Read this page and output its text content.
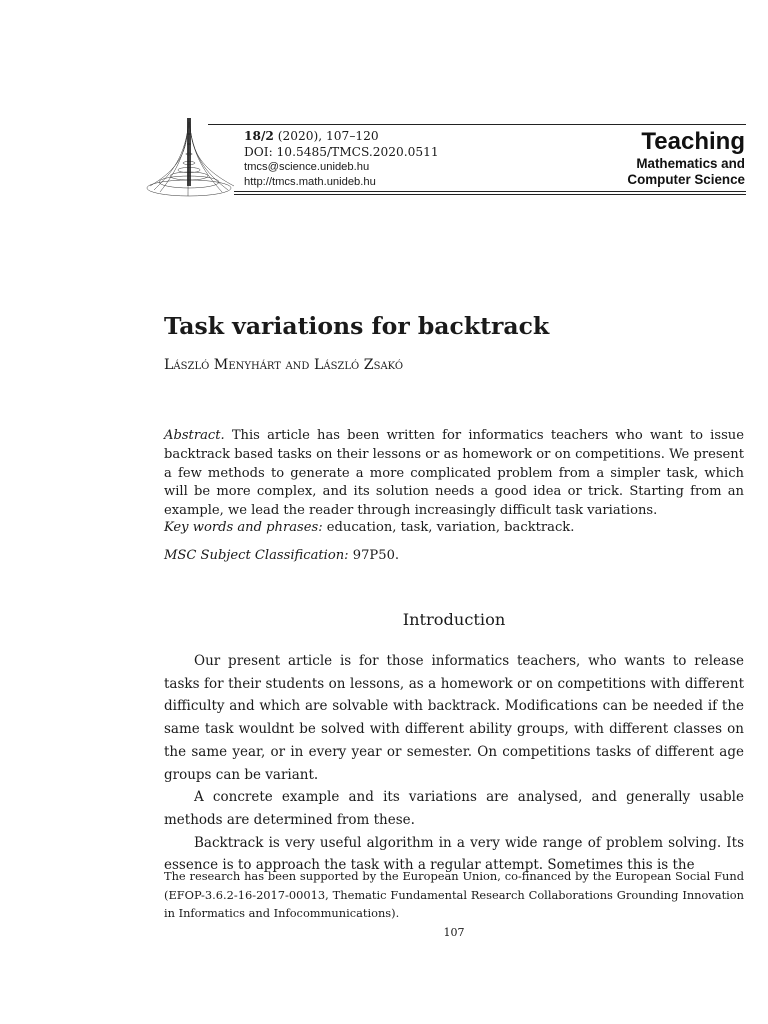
18/2 (2020), 107–120
DOI: 10.5485/TMCS.2020.0511
tmcs@science.unideb.hu
http://tmcs.math.unideb.hu
Teaching
Mathematics and
Computer Science
Task variations for backtrack
László Menyhárt and László Zsakó

Abstract. This article has been written for informatics teachers who want to issue backtrack based tasks on their lessons or as homework or on competitions. We present a few methods to generate a more complicated problem from a simpler task, which will be more complex, and its solution needs a good idea or trick. Starting from an example, we lead the reader through increasingly difficult task variations.

Key words and phrases: education, task, variation, backtrack.

MSC Subject Classification: 97P50.

Introduction

Our present article is for those informatics teachers, who wants to release tasks for their students on lessons, as a homework or on competitions with different difficulty and which are solvable with backtrack. Modifications can be needed if the same task wouldnt be solved with different ability groups, with different classes on the same year, or in every year or semester. On competitions tasks of different age groups can be variant.

A concrete example and its variations are analysed, and generally usable methods are determined from these.

Backtrack is very useful algorithm in a very wide range of problem solving. Its essence is to approach the task with a regular attempt. Sometimes this is the

The research has been supported by the European Union, co-financed by the European Social Fund (EFOP-3.6.2-16-2017-00013, Thematic Fundamental Research Collaborations Grounding Innovation in Informatics and Infocommunications).

107
